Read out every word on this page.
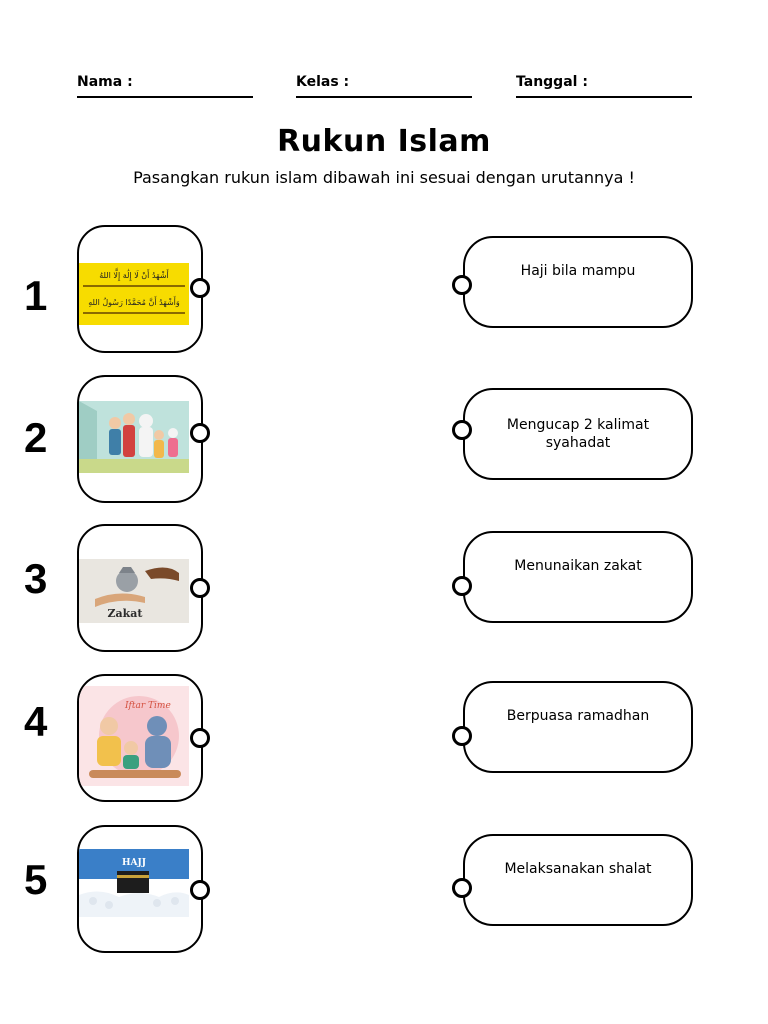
Nama :	Kelas :	Tanggal :
Rukun Islam
Pasangkan rukun islam dibawah ini sesuai dengan urutannya !
1	أَشْهَدُ أَنْ لَا إِلَٰهَ إِلَّا اللهُ
وَأَشْهَدُ أَنَّ مُحَمَّدًا رَسُولُ اللهِ
2
3
Zakat
4	Iftar Time
5	HAJJ
Haji bila mampu
Mengucap 2 kalimat syahadat
Menunaikan zakat
Berpuasa ramadhan
Melaksanakan shalat
